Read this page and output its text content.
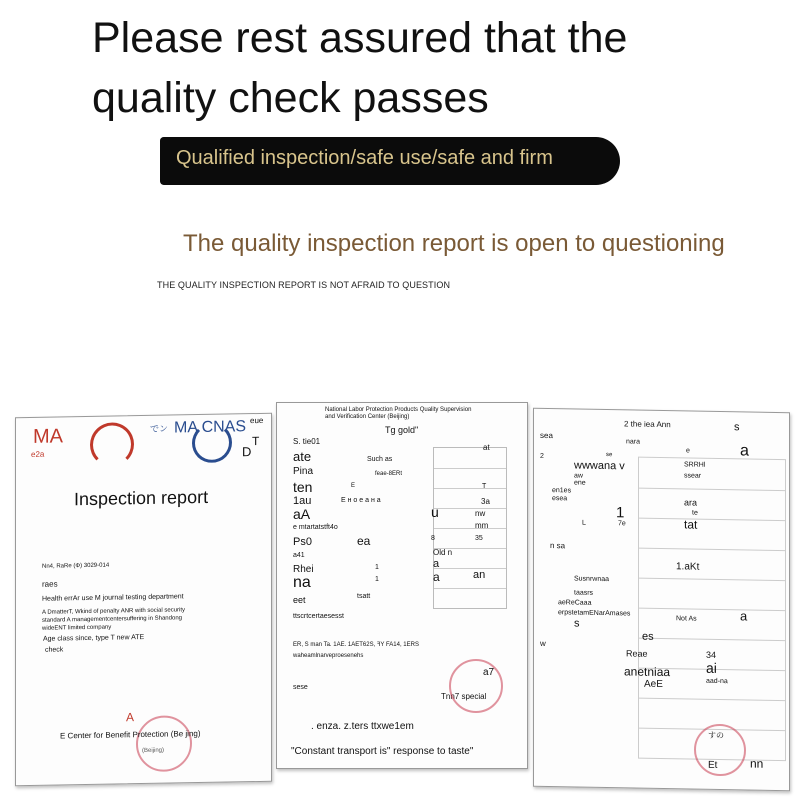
Please rest assured that the
quality check passes
Qualified inspection/safe use/safe and firm
The quality inspection report is open to questioning
THE QUALITY INSPECTION REPORT IS NOT AFRAID TO QUESTION
MA
e2a
でン MA CNAS eue
T
D
Inspection report
Nn4, RaRe (Φ) 3029-014
raes
Health errAr use M journal testing department
A DmatterT, Wkind of penalty ANR with social security
standard A managementcentersuffering in Shandong
wideENT limited company
Age class since, type T new ATE
check
A
E Center for Benefit Protection (Be jing)
(Beijing)
National Labor Protection Products Quality Supervision
and Verification Center (Beijing)
Tg gold"
S. tie01
at
ate	Such as
Pina	feae-8ERt
ten	E	T
1au	E н o e a н a	3a
aA	u	nw
e mtartatstft4o	mm
Ps0	ea	8	35
a41	Old n
Rhei	1	a
na	1	a	an
eet	tsatt
ttscrtcertaesesst
ER, S man Ta. 1AE. 1AET62S, ꟻY FA14, 1ERS
waheamlnarveproesenehs
a7
sese
Tnn7 special
. enza. z.ters ttxwe1em
"Constant transport is" response to taste"
2 the iea Ann	s
sea
nara
e	a
2	se
wwwana v	SRRHl
ssear
aw
ene
en1es
esea	ara
1	te
L	7e	tat
n sa
1.aKt
Susnrwnaa
taasrs
aeReCaaa
erpstetamENarAmases
Not As	a
s
es
w
Reae	34
ai
anetniaa
aad-na
AeE
すの
Et	nn
